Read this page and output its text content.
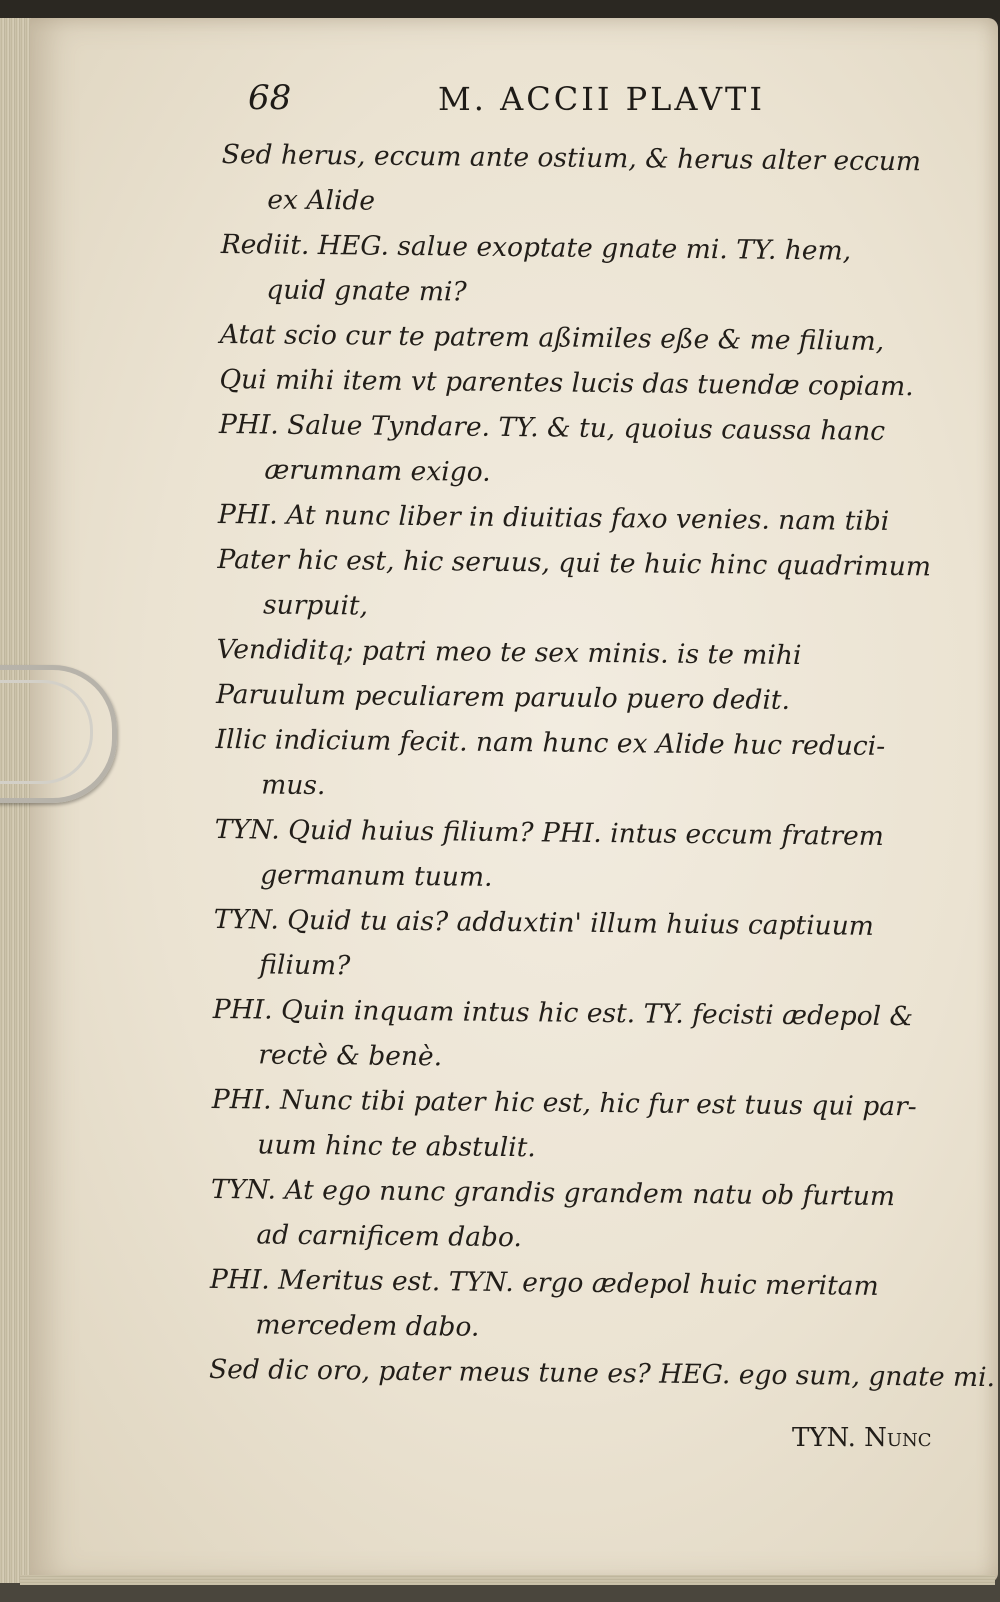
68	M. ACCII PLAVTI
Sed herus, eccum ante ostium, & herus alter eccum
ex Alide
Rediit. HEG. salue exoptate gnate mi. TY. hem,
quid gnate mi?
Atat scio cur te patrem aßimiles eße & me filium,
Qui mihi item vt parentes lucis das tuendæ copiam.
PHI. Salue Tyndare. TY. & tu, quoius caussa hanc
ærumnam exigo.
PHI. At nunc liber in diuitias faxo venies. nam tibi
Pater hic est, hic seruus, qui te huic hinc quadrimum
surpuit,
Vendiditq; patri meo te sex minis. is te mihi
Paruulum peculiarem paruulo puero dedit.
Illic indicium fecit. nam hunc ex Alide huc reduci-
mus.
TYN. Quid huius filium? PHI. intus eccum fratrem
germanum tuum.
TYN. Quid tu ais? adduxtin' illum huius captiuum
filium?
PHI. Quin inquam intus hic est. TY. fecisti ædepol &
rectè & benè.
PHI. Nunc tibi pater hic est, hic fur est tuus qui par-
uum hinc te abstulit.
TYN. At ego nunc grandis grandem natu ob furtum
ad carnificem dabo.
PHI. Meritus est. TYN. ergo ædepol huic meritam
mercedem dabo.
Sed dic oro, pater meus tune es? HEG. ego sum, gnate mi.
TYN. Nunc
